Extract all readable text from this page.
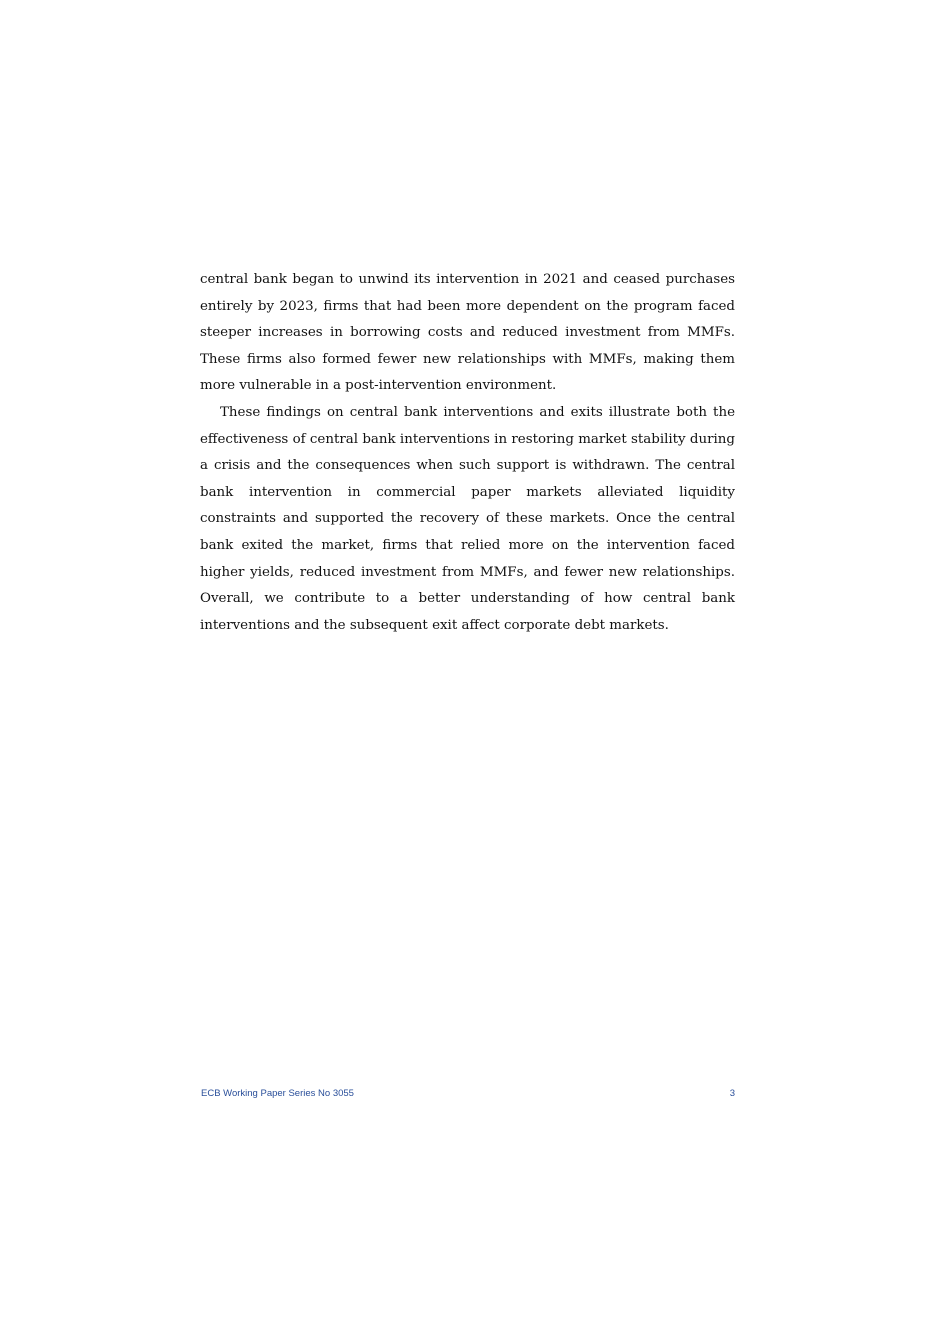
central bank began to unwind its intervention in 2021 and ceased purchases entirely by 2023, firms that had been more dependent on the program faced steeper increases in borrowing costs and reduced investment from MMFs. These firms also formed fewer new relationships with MMFs, making them more vulnerable in a post-intervention environment.

These findings on central bank interventions and exits illustrate both the effectiveness of central bank interventions in restoring market stability during a crisis and the consequences when such support is withdrawn. The central bank intervention in commercial paper markets alleviated liquidity constraints and supported the recovery of these markets. Once the central bank exited the market, firms that relied more on the intervention faced higher yields, reduced investment from MMFs, and fewer new relationships. Overall, we contribute to a better understanding of how central bank interventions and the subsequent exit affect corporate debt markets.

ECB Working Paper Series No 3055	3
